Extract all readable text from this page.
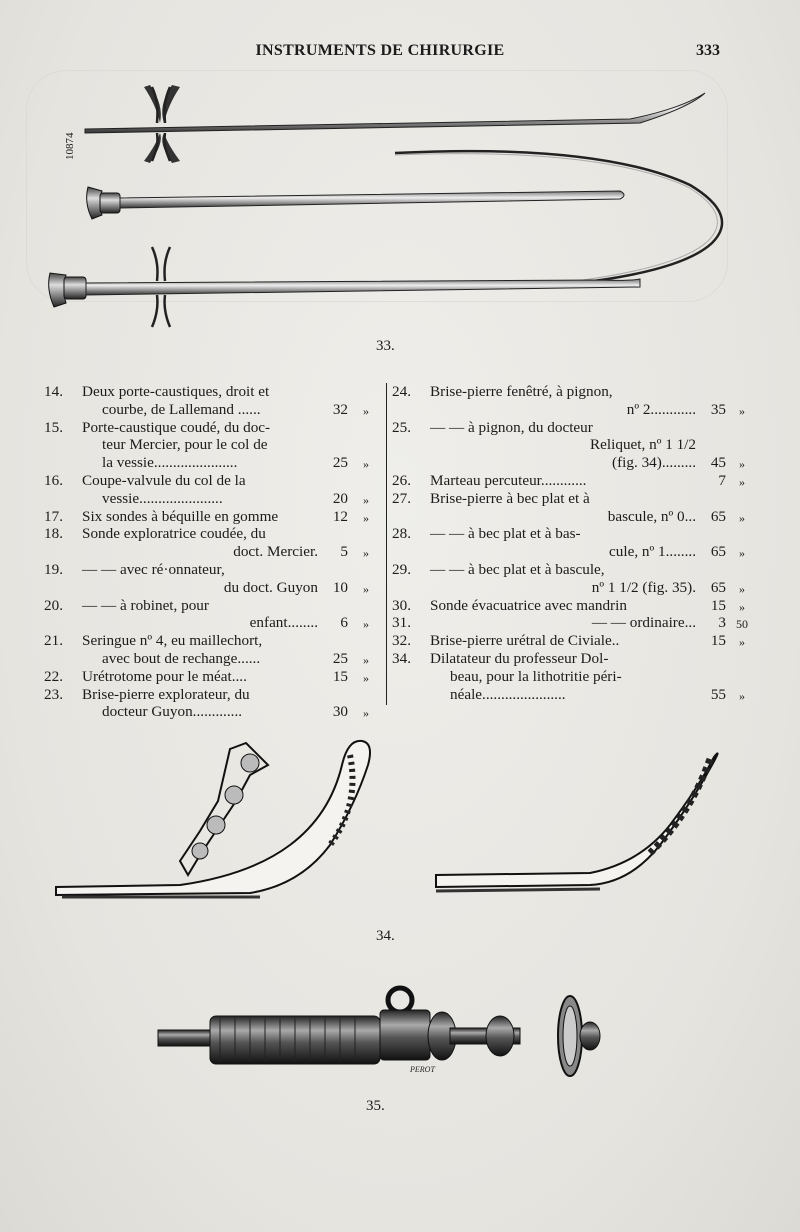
INSTRUMENTS DE CHIRURGIE	333
10874
33.
14. Deux porte-caustiques, droit et
courbe, de Lallemand ......	32	»
15. Porte-caustique coudé, du doc-
teur Mercier, pour le col de
la vessie......................	25	»
16. Coupe-valvule du col de la
vessie......................	20	»
17. Six sondes à béquille en gomme	12	»
18. Sonde exploratrice coudée, du
doct. Mercier.	5	»
19. — — avec ré·onnateur,
du doct. Guyon 10	»
20. — — à robinet, pour
enfant........	6	»
21. Seringue nº 4, eu maillechort,
avec bout de rechange......	25	»
22. Urétrotome pour le méat....	15	»
23. Brise-pierre explorateur, du
docteur Guyon.............	30	»
24. Brise-pierre fenêtré, à pignon,
nº 2............ 35	»
25. — — à pignon, du docteur
Reliquet, nº 1 1/2
(fig. 34)......... 45	»
26. Marteau percuteur............	7	»
27. Brise-pierre à bec plat et à
bascule, nº 0... 65	»
28. — — à bec plat et à bas-
cule, nº 1........ 65	»
29. — — à bec plat et à bascule,
nº 1 1/2 (fig. 35). 65	»
30. Sonde évacuatrice avec mandrin	15	»
31.	— — ordinaire...	3 50
32. Brise-pierre urétral de Civiale..	15	»
34. Dilatateur du professeur Dol-
beau, pour la lithotritie péri-
néale......................	55	»
34.
PEROT
35.
